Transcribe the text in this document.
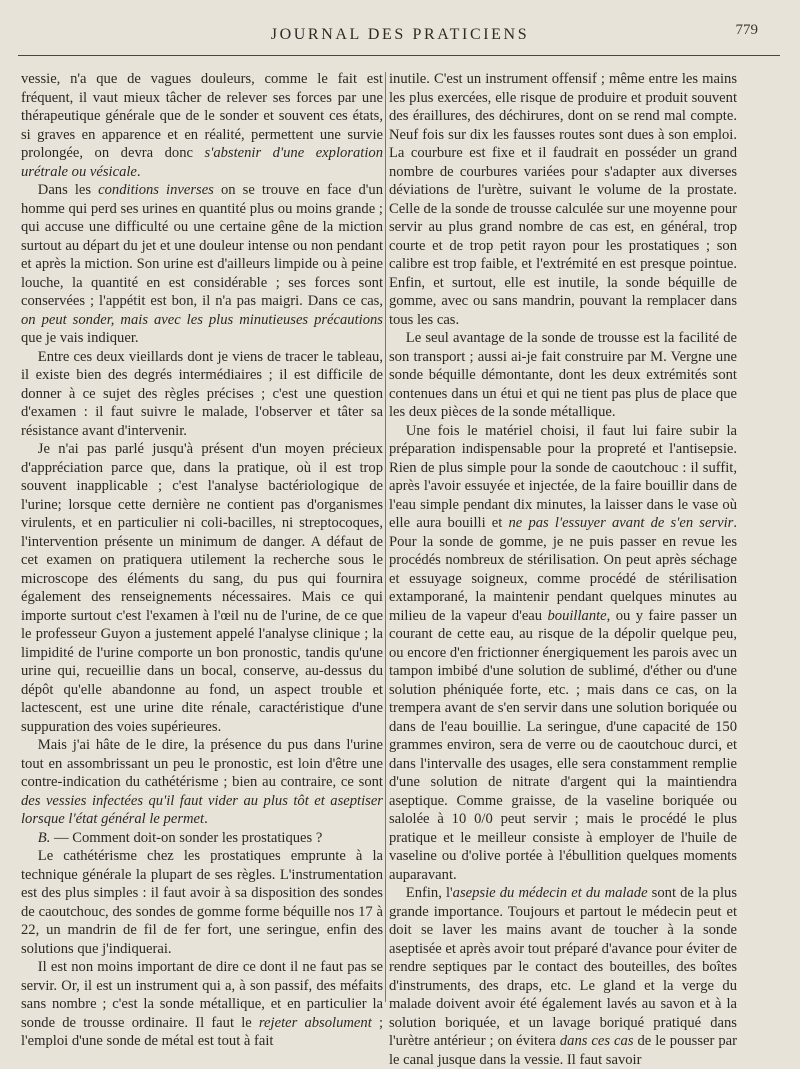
JOURNAL DES PRATICIENS	779

vessie, n'a que de vagues douleurs, comme le fait est fréquent, il vaut mieux tâcher de relever ses forces par une thérapeutique générale que de le sonder et souvent ces états, si graves en apparence et en réalité, permettent une survie prolongée, on devra donc s'abstenir d'une exploration urétrale ou vésicale.

Dans les conditions inverses on se trouve en face d'un homme qui perd ses urines en quantité plus ou moins grande ; qui accuse une difficulté ou une certaine gêne de la miction surtout au départ du jet et une douleur intense ou non pendant et après la miction. Son urine est d'ailleurs limpide ou à peine louche, la quantité en est considérable ; ses forces sont conservées ; l'appétit est bon, il n'a pas maigri. Dans ce cas, on peut sonder, mais avec les plus minutieuses précautions que je vais indiquer.

Entre ces deux vieillards dont je viens de tracer le tableau, il existe bien des degrés intermédiaires ; il est difficile de donner à ce sujet des règles précises ; c'est une question d'examen : il faut suivre le malade, l'observer et tâter sa résistance avant d'intervenir.

Je n'ai pas parlé jusqu'à présent d'un moyen précieux d'appréciation parce que, dans la pratique, où il est trop souvent inapplicable ; c'est l'analyse bactériologique de l'urine; lorsque cette dernière ne contient pas d'organismes virulents, et en particulier ni coli-bacilles, ni streptocoques, l'intervention présente un minimum de danger. A défaut de cet examen on pratiquera utilement la recherche sous le microscope des éléments du sang, du pus qui fournira également des renseignements nécessaires. Mais ce qui importe surtout c'est l'examen à l'œil nu de l'urine, de ce que le professeur Guyon a justement appelé l'analyse clinique ; la limpidité de l'urine comporte un bon pronostic, tandis qu'une urine qui, recueillie dans un bocal, conserve, au-dessus du dépôt qu'elle abandonne au fond, un aspect trouble et lactescent, est une urine dite rénale, caractéristique d'une suppuration des voies supérieures.

Mais j'ai hâte de le dire, la présence du pus dans l'urine tout en assombrissant un peu le pronostic, est loin d'être une contre-indication du cathétérisme ; bien au contraire, ce sont des vessies infectées qu'il faut vider au plus tôt et aseptiser lorsque l'état général le permet.

B. — Comment doit-on sonder les prostatiques ?

Le cathétérisme chez les prostatiques emprunte à la technique générale la plupart de ses règles. L'instrumentation est des plus simples : il faut avoir à sa disposition des sondes de caoutchouc, des sondes de gomme forme béquille nos 17 à 22, un mandrin de fil de fer fort, une seringue, enfin des solutions que j'indiquerai.

Il est non moins important de dire ce dont il ne faut pas se servir. Or, il est un instrument qui a, à son passif, des méfaits sans nombre ; c'est la sonde métallique, et en particulier la sonde de trousse ordinaire. Il faut le rejeter absolument ; l'emploi d'une sonde de métal est tout à fait

inutile. C'est un instrument offensif ; même entre les mains les plus exercées, elle risque de produire et produit souvent des éraillures, des déchirures, dont on se rend mal compte. Neuf fois sur dix les fausses routes sont dues à son emploi. La courbure est fixe et il faudrait en posséder un grand nombre de courbures variées pour s'adapter aux diverses déviations de l'urètre, suivant le volume de la prostate. Celle de la sonde de trousse calculée sur une moyenne pour servir au plus grand nombre de cas est, en général, trop courte et de trop petit rayon pour les prostatiques ; son calibre est trop faible, et l'extrémité en est presque pointue. Enfin, et surtout, elle est inutile, la sonde béquille de gomme, avec ou sans mandrin, pouvant la remplacer dans tous les cas.

Le seul avantage de la sonde de trousse est la facilité de son transport ; aussi ai-je fait construire par M. Vergne une sonde béquille démontante, dont les deux extrémités sont contenues dans un étui et qui ne tient pas plus de place que les deux pièces de la sonde métallique.

Une fois le matériel choisi, il faut lui faire subir la préparation indispensable pour la propreté et l'antisepsie. Rien de plus simple pour la sonde de caoutchouc : il suffit, après l'avoir essuyée et injectée, de la faire bouillir dans de l'eau simple pendant dix minutes, la laisser dans le vase où elle aura bouilli et ne pas l'essuyer avant de s'en servir. Pour la sonde de gomme, je ne puis passer en revue les procédés nombreux de stérilisation. On peut après séchage et essuyage soigneux, comme procédé de stérilisation extamporané, la maintenir pendant quelques minutes au milieu de la vapeur d'eau bouillante, ou y faire passer un courant de cette eau, au risque de la dépolir quelque peu, ou encore d'en frictionner énergiquement les parois avec un tampon imbibé d'une solution de sublimé, d'éther ou d'une solution phéniquée forte, etc. ; mais dans ce cas, on la trempera avant de s'en servir dans une solution boriquée ou dans de l'eau bouillie. La seringue, d'une capacité de 150 grammes environ, sera de verre ou de caoutchouc durci, et dans l'intervalle des usages, elle sera constamment remplie d'une solution de nitrate d'argent qui la maintiendra aseptique. Comme graisse, de la vaseline boriquée ou salolée à 10 0/0 peut servir ; mais le procédé le plus pratique et le meilleur consiste à employer de l'huile de vaseline ou d'olive portée à l'ébullition quelques moments auparavant.

Enfin, l'asepsie du médecin et du malade sont de la plus grande importance. Toujours et partout le médecin peut et doit se laver les mains avant de toucher à la sonde aseptisée et après avoir tout préparé d'avance pour éviter de rendre septiques par le contact des bouteilles, des boîtes d'instruments, des draps, etc. Le gland et la verge du malade doivent avoir été également lavés au savon et à la solution boriquée, et un lavage boriqué pratiqué dans l'urètre antérieur ; on évitera dans ces cas de le pousser par le canal jusque dans la vessie. Il faut savoir
